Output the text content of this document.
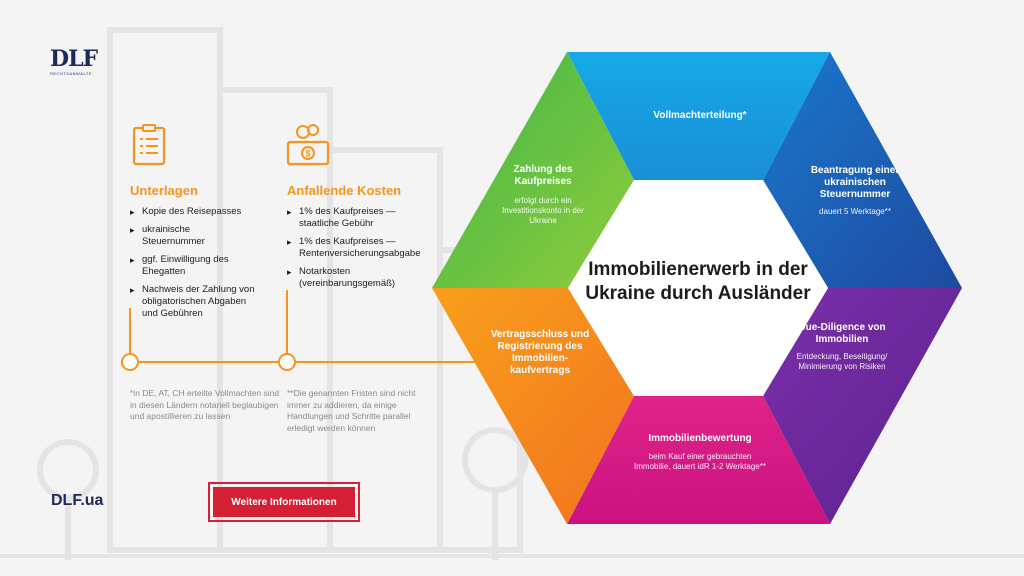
DLF
RECHTSANWÄLTE
Unterlagen
▸ Kopie des Reisepasses
▸ ukrainische Steuernummer
▸ ggf. Einwilligung des Ehegatten
▸ Nachweis der Zahlung von obligatorischen Abgaben und Gebühren
$
Anfallende Kosten
▸ 1% des Kaufpreises — staatliche Gebühr
▸ 1% des Kaufpreises — Rentenversicherungsabgabe
▸ Notarkosten (vereinbarungsgemäß)
*in DE, AT, CH erteilte Vollmachten sind in diesen Ländern notariell beglaubigen und apostillieren zu lassen
**Die genannten Fristen sind nicht immer zu addieren, da einige Handlungen und Schritte parallel erledigt werden können
DLF.ua	Weitere Informationen
Immobilienerwerb in der Ukraine durch Ausländer
Vollmachterteilung*
Beantragung einer ukrainischen Steuernummer
dauert 5 Werktage**
Due-Diligence von Immobilien
Entdeckung, Beseitigung/ Minimierung von Risiken
Immobilienbewertung
beim Kauf einer gebrauchten Immobilie, dauert idR 1-2 Werktage**
Vertragsschluss und Registrierung des Immobilien-kaufvertrags
Zahlung des Kaufpreises
erfolgt durch ein Investitionskonto in der Ukraine
